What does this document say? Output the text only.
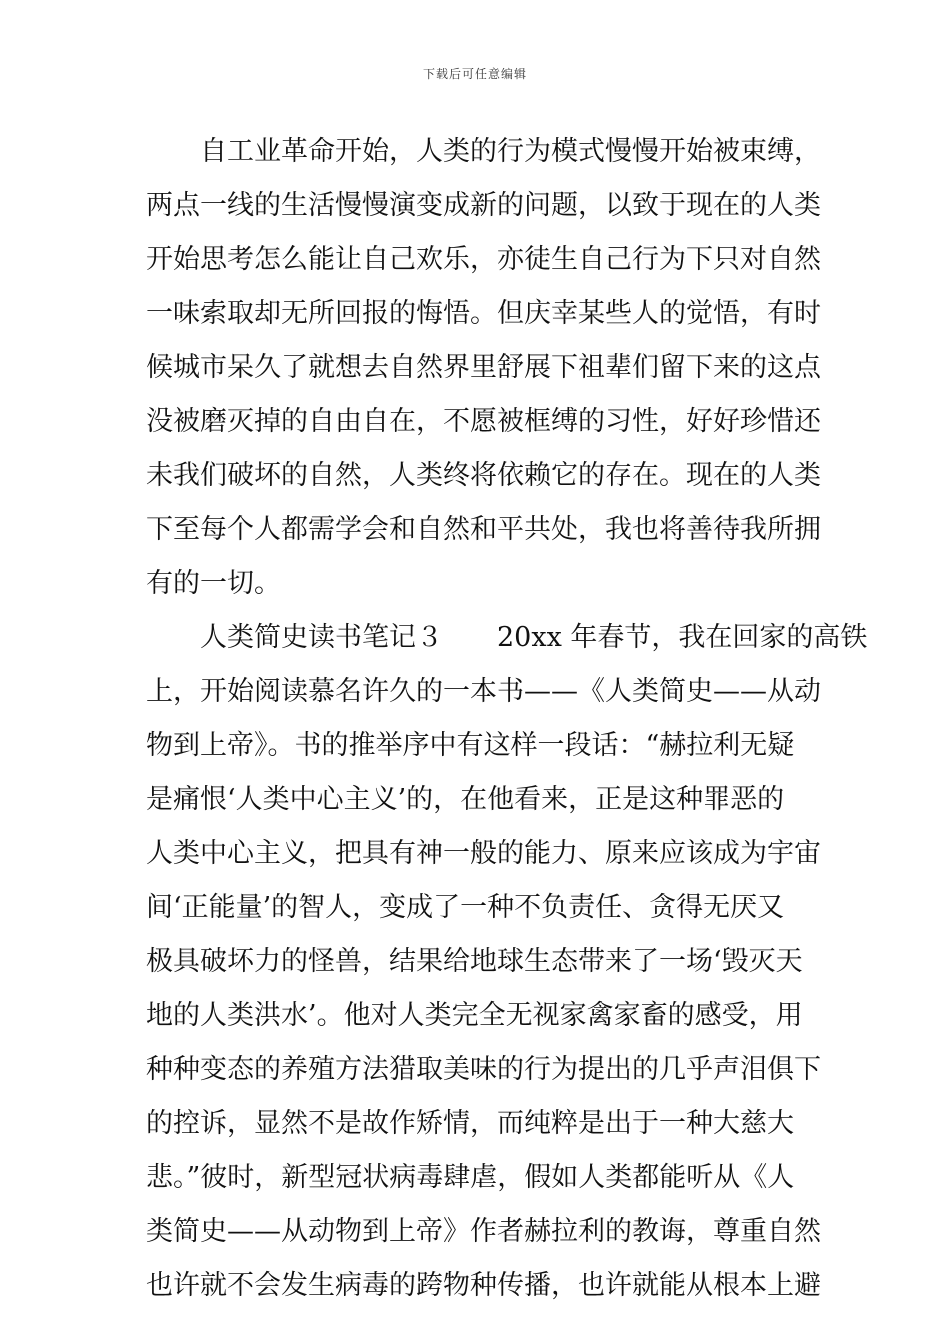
下载后可任意编辑
自工业革命开始，人类的行为模式慢慢开始被束缚，
两点一线的生活慢慢演变成新的问题，以致于现在的人类
开始思考怎么能让自己欢乐，亦徒生自己行为下只对自然
一味索取却无所回报的悔悟。但庆幸某些人的觉悟，有时
候城市呆久了就想去自然界里舒展下祖辈们留下来的这点
没被磨灭掉的自由自在，不愿被框缚的习性，好好珍惜还
未我们破坏的自然，人类终将依赖它的存在。现在的人类
下至每个人都需学会和自然和平共处，我也将善待我所拥
有的一切。
人类简史读书笔记３　　20xx 年春节，我在回家的高铁
上，开始阅读慕名许久的一本书——《人类简史——从动
物到上帝》。书的推举序中有这样一段话：“赫拉利无疑
是痛恨‘人类中心主义’的，在他看来，正是这种罪恶的
人类中心主义，把具有神一般的能力、原来应该成为宇宙
间‘正能量’的智人，变成了一种不负责任、贪得无厌又
极具破坏力的怪兽，结果给地球生态带来了一场‘毁灭天
地的人类洪水’。他对人类完全无视家禽家畜的感受，用
种种变态的养殖方法猎取美味的行为提出的几乎声泪俱下
的控诉，显然不是故作矫情，而纯粹是出于一种大慈大
悲。”彼时，新型冠状病毒肆虐，假如人类都能听从《人
类简史——从动物到上帝》作者赫拉利的教诲，尊重自然
也许就不会发生病毒的跨物种传播，也许就能从根本上避
